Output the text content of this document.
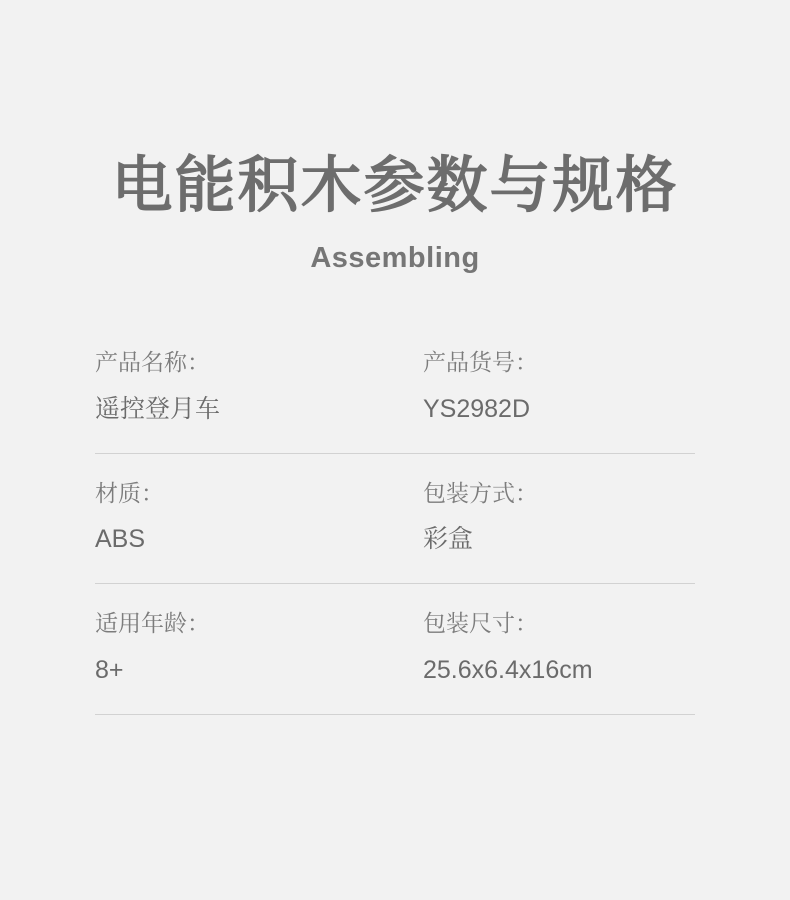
电能积木参数与规格
Assembling
产品名称：
遥控登月车
产品货号：
YS2982D
材质：
ABS
包装方式：
彩盒
适用年龄：
8+
包装尺寸：
25.6x6.4x16cm
